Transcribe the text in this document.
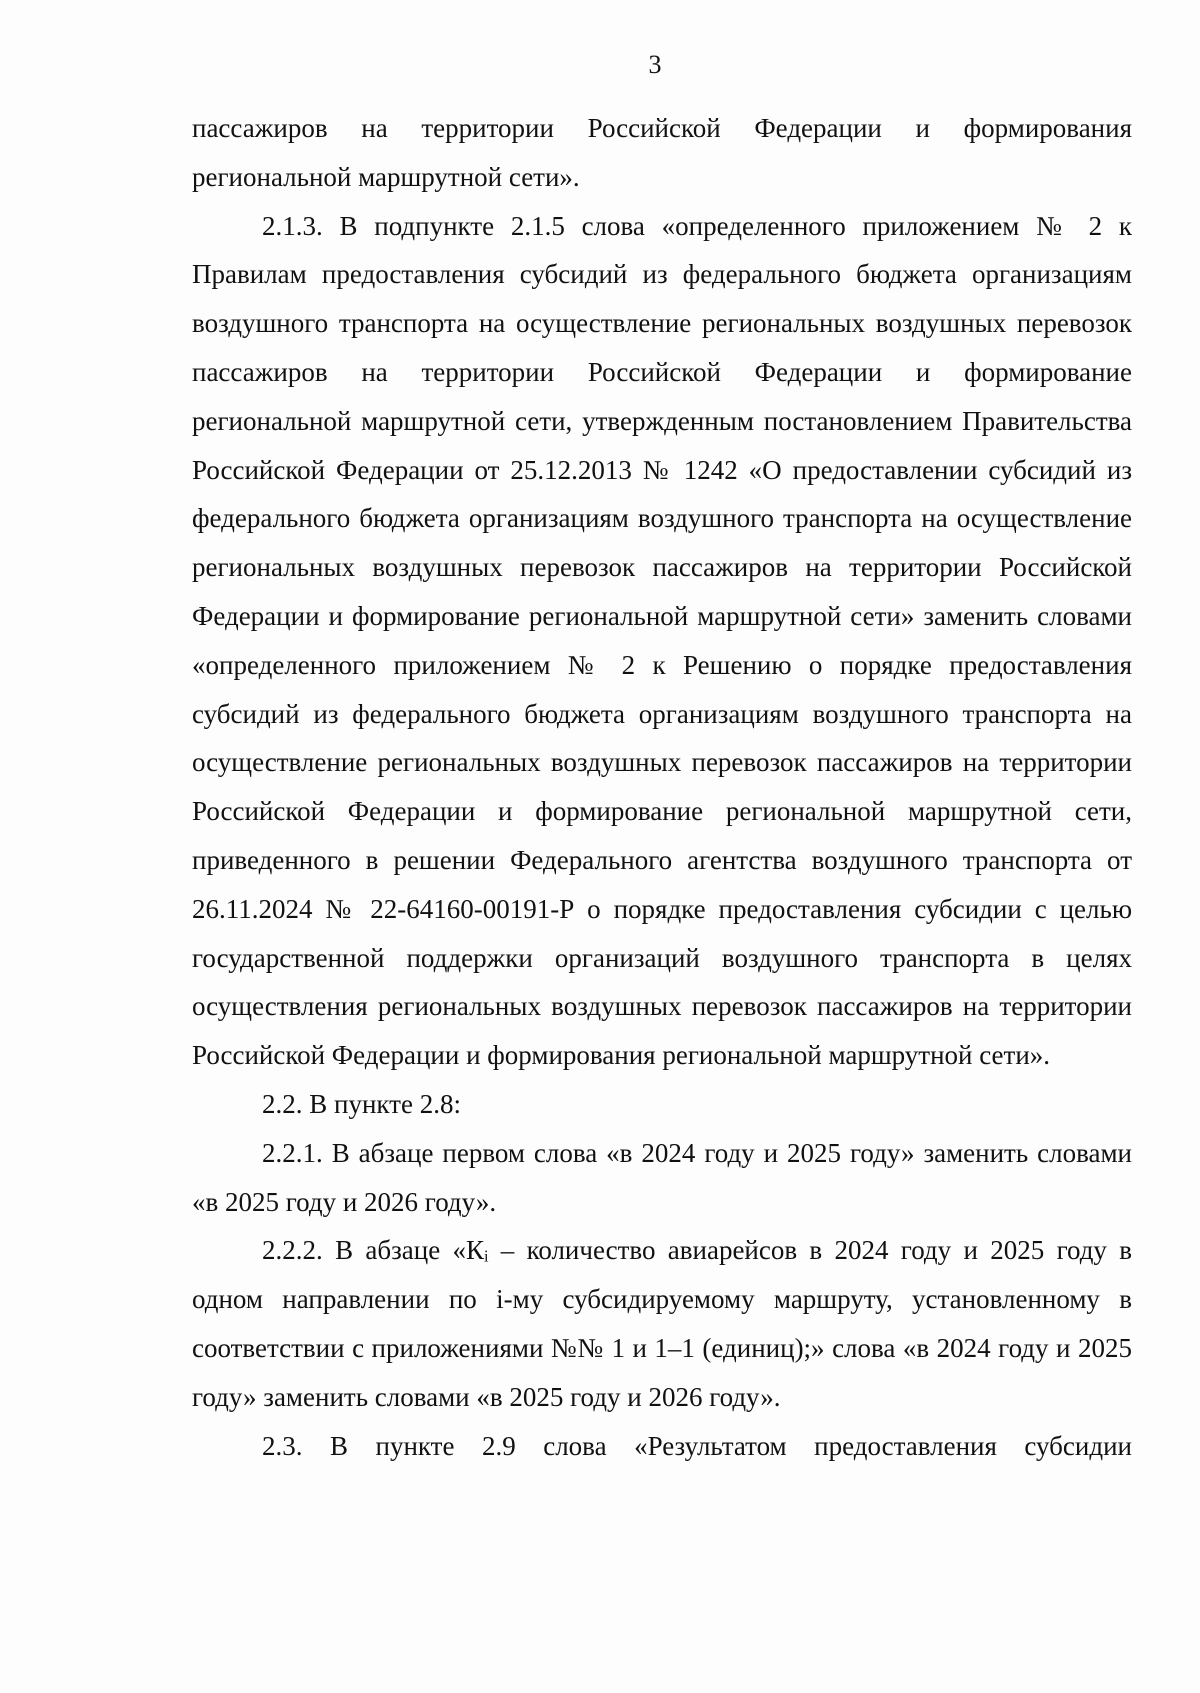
3

пассажиров на территории Российской Федерации и формирования региональной маршрутной сети».

2.1.3. В подпункте 2.1.5 слова «определенного приложением № 2 к Правилам предоставления субсидий из федерального бюджета организациям воздушного транспорта на осуществление региональных воздушных перевозок пассажиров на территории Российской Федерации и формирование региональной маршрутной сети, утвержденным постановлением Правительства Российской Федерации от 25.12.2013 № 1242 «О предоставлении субсидий из федерального бюджета организациям воздушного транспорта на осуществление региональных воздушных перевозок пассажиров на территории Российской Федерации и формирование региональной маршрутной сети» заменить словами «определенного приложением № 2 к Решению о порядке предоставления субсидий из федерального бюджета организациям воздушного транспорта на осуществление региональных воздушных перевозок пассажиров на территории Российской Федерации и формирование региональной маршрутной сети, приведенного в решении Федерального агентства воздушного транспорта от 26.11.2024 № 22-64160-00191-Р о порядке предоставления субсидии с целью государственной поддержки организаций воздушного транспорта в целях осуществления региональных воздушных перевозок пассажиров на территории Российской Федерации и формирования региональной маршрутной сети».

2.2. В пункте 2.8:

2.2.1. В абзаце первом слова «в 2024 году и 2025 году» заменить словами «в 2025 году и 2026 году».

2.2.2. В абзаце «Кᵢ – количество авиарейсов в 2024 году и 2025 году в одном направлении по i-му субсидируемому маршруту, установленному в соответствии с приложениями №№ 1 и 1–1 (единиц);» слова «в 2024 году и 2025 году» заменить словами «в 2025 году и 2026 году».

2.3. В пункте 2.9 слова «Результатом предоставления субсидии
